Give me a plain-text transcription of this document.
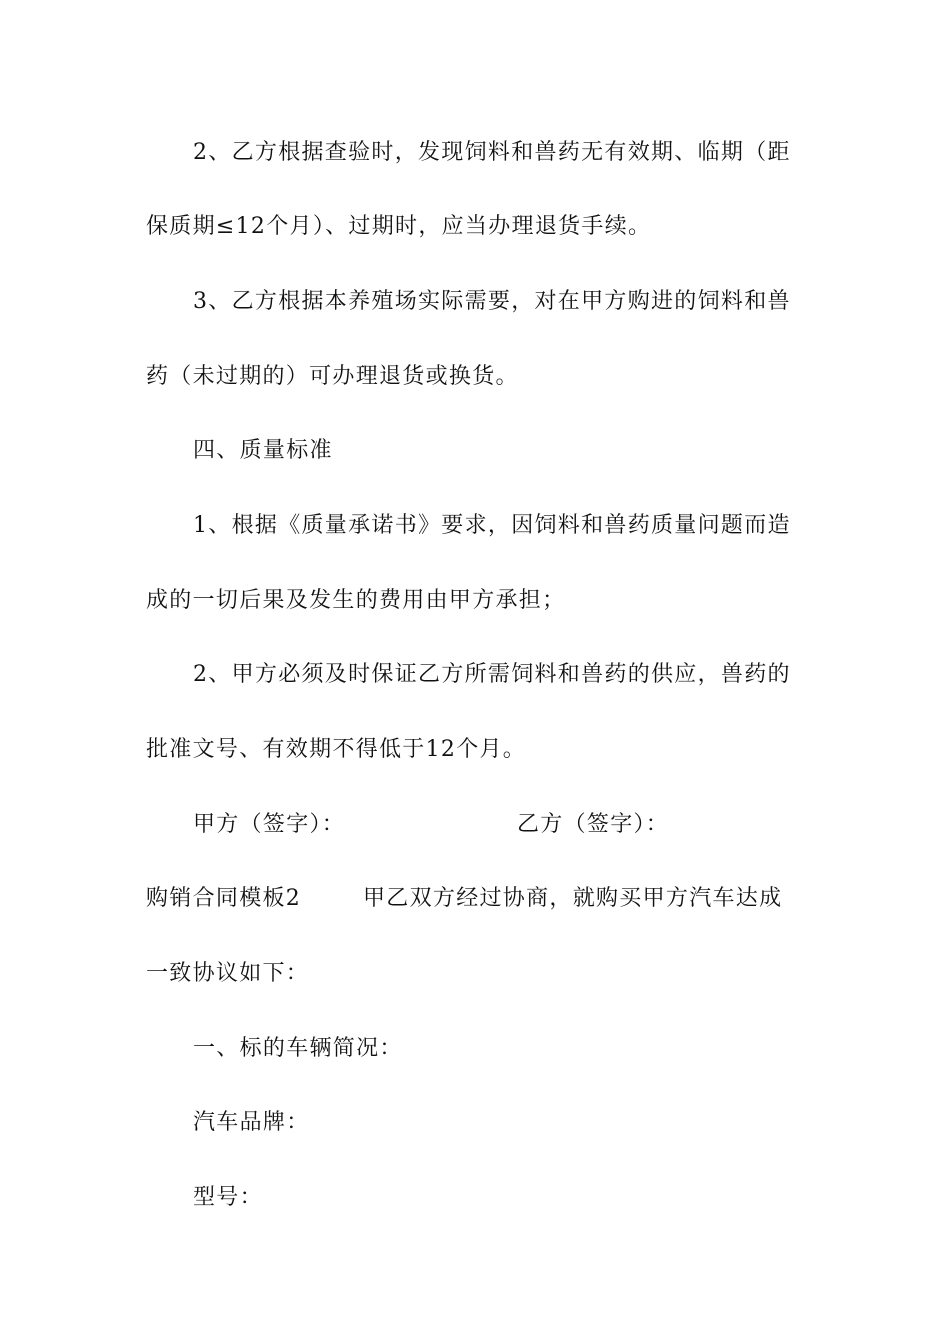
2、乙方根据查验时，发现饲料和兽药无有效期、临期（距
保质期≤12个月）、过期时，应当办理退货手续。
3、乙方根据本养殖场实际需要，对在甲方购进的饲料和兽
药（未过期的）可办理退货或换货。
四、质量标准
1、根据《质量承诺书》要求，因饲料和兽药质量问题而造
成的一切后果及发生的费用由甲方承担；
2、甲方必须及时保证乙方所需饲料和兽药的供应，兽药的
批准文号、有效期不得低于12个月。
甲方（签字）：	乙方（签字）：
购销合同模板2	甲乙双方经过协商，就购买甲方汽车达成
一致协议如下：
一、标的车辆简况：
汽车品牌：
型号：
